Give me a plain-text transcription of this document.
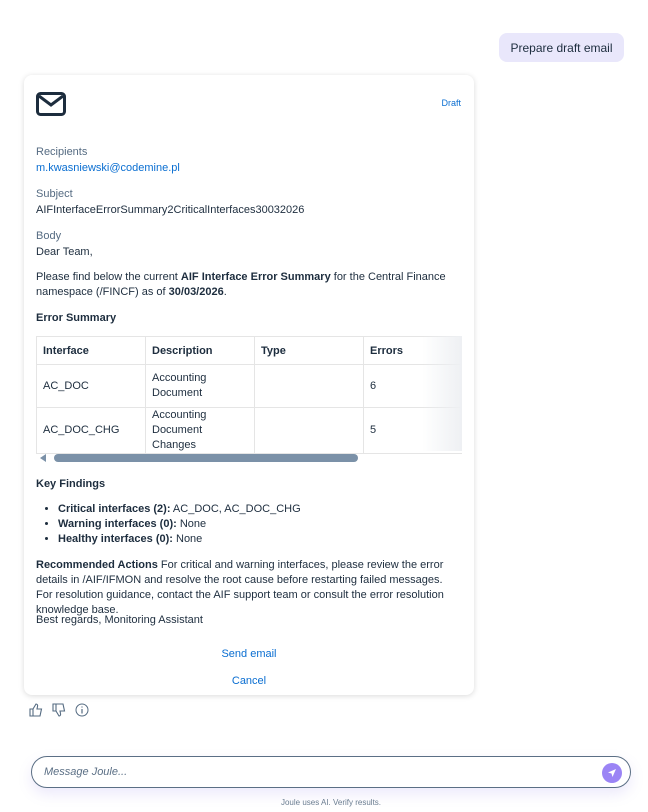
Prepare draft email
Draft
Recipients
m.kwasniewski@codemine.pl
Subject
AIFInterfaceErrorSummary2CriticalInterfaces30032026
Body
Dear Team,
Please find below the current AIF Interface Error Summary for the Central Finance namespace (/FINCF) as of 30/03/2026.
Error Summary
Interface	Description	Type	Errors
AC_DOC	Accounting Document		6
AC_DOC_CHG	Accounting Document Changes		5
Key Findings
• Critical interfaces (2): AC_DOC, AC_DOC_CHG
• Warning interfaces (0): None
• Healthy interfaces (0): None
Recommended Actions For critical and warning interfaces, please review the error details in /AIF/IFMON and resolve the root cause before restarting failed messages. For resolution guidance, contact the AIF support team or consult the error resolution knowledge base.
Best regards, Monitoring Assistant
Send email
Cancel
Message Joule...
Joule uses AI. Verify results.
